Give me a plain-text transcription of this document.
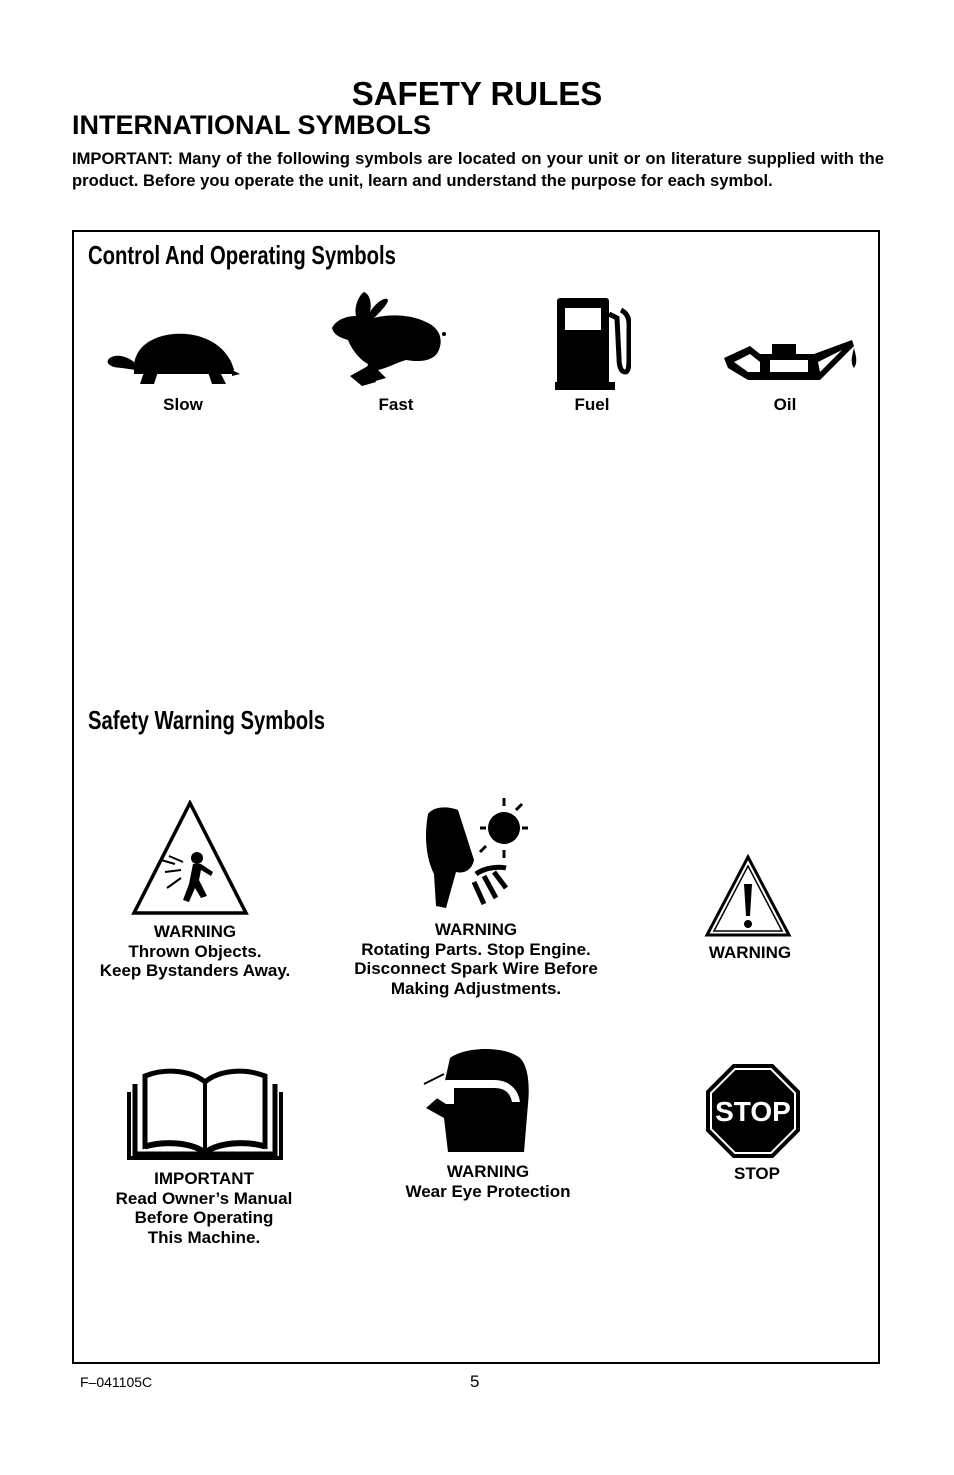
SAFETY RULES
INTERNATIONAL SYMBOLS
IMPORTANT: Many of the following symbols are located on your unit or on literature supplied with the product. Before you operate the unit, learn and understand the purpose for each symbol.
Control And Operating Symbols
Slow	Fast	Fuel	Oil
Safety Warning Symbols
WARNING
Thrown Objects.
Keep Bystanders Away.
WARNING
Rotating Parts. Stop Engine.
Disconnect Spark Wire Before
Making Adjustments.
WARNING
IMPORTANT
Read Owner’s Manual
Before Operating
This Machine.
WARNING
Wear Eye Protection
STOP
STOP
F–041105C	5
